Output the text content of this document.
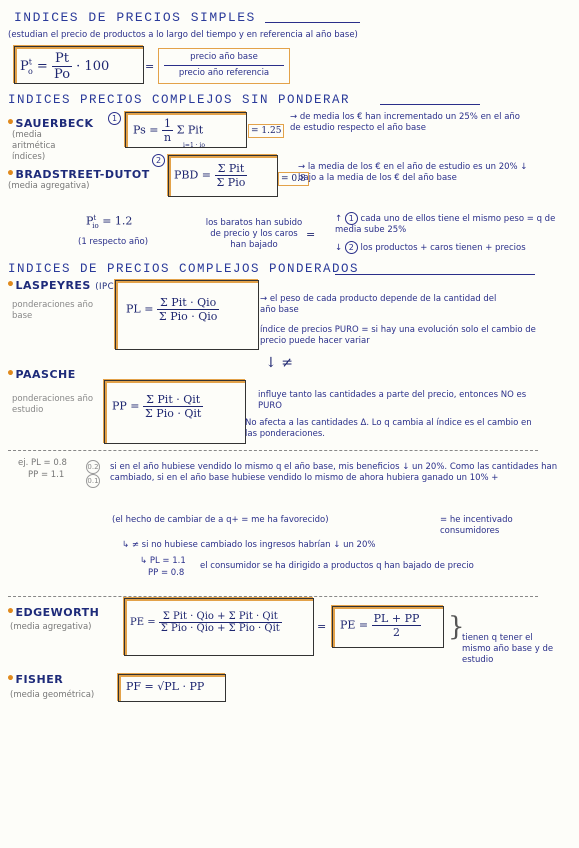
INDICES DE PRECIOS SIMPLES
(estudian el precio de productos a lo largo del tiempo y en referencia al año base)
$P^t_o = \frac{Pt}{Po} \cdot 100$	=
precio año base
precio año referencia
INDICES PRECIOS COMPLEJOS SIN PONDERAR
•SAUERBECK
(media aritmética índices)
1
$Ps = \frac{1}{n}$ Σ Pit
i=1 · io
= 1.25
→ de media los € han incrementado un 25% en el año de estudio respecto el año base
•BRADSTREET-DUTOT
(media agregativa)
2
PBD = $\frac{\text{Σ Pit}}{\text{Σ Pio}}$	= 0.8
→ la media de los € en el año de estudio es un 20% ↓ bajo a la media de los € del año base
$P^t_{io} = 1.2$
(1 respecto año)
los baratos han subido de precio y los caros han bajado
=
↑ 1 cada uno de ellos tiene el mismo peso = q de media sube 25%
↓ 2 los productos + caros tienen + precios
INDICES DE PRECIOS COMPLEJOS PONDERADOS
•LASPEYRES (IPC)
ponderaciones año base
PL = $\frac{\text{Σ Pit · Qio}}{\text{Σ Pio · Qio}}$	→ el peso de cada producto depende de la cantidad del año base
índice de precios PURO = si hay una evolución solo el cambio de precio puede hacer variar
↓ ≠
•PAASCHE
ponderaciones año estudio	PP = $\frac{\text{Σ Pit · Qit}}{\text{Σ Pio · Qit}}$	influye tanto las cantidades a parte del precio, entonces NO es PURO
No afecta a las cantidades Δ. Lo q cambia al índice es el cambio en las ponderaciones.
ej. PL = 0.8
PP = 1.1
0.2
0.1
si en el año hubiese vendido lo mismo q el año base, mis beneficios ↓ un 20%. Como las cantidades han cambiado, si en el año base hubiese vendido lo mismo de ahora hubiera ganado un 10% +
(el hecho de cambiar de a q+ = me ha favorecido)	= he incentivado consumidores
↳ ≠ si no hubiese cambiado los ingresos habrían ↓ un 20%
↳ PL = 1.1
PP = 0.8
el consumidor se ha dirigido a productos q han bajado de precio
•EDGEWORTH
(media agregativa)	PE = $\frac{\text{Σ Pit · Qio + Σ Pit · Qit}}{\text{Σ Pio · Qio + Σ Pio · Qit}}$	= PE = $\frac{PL + PP}{2}$ }
tienen q tener el mismo año base y de estudio
•FISHER
(media geométrica)
PF = √PL · PP
